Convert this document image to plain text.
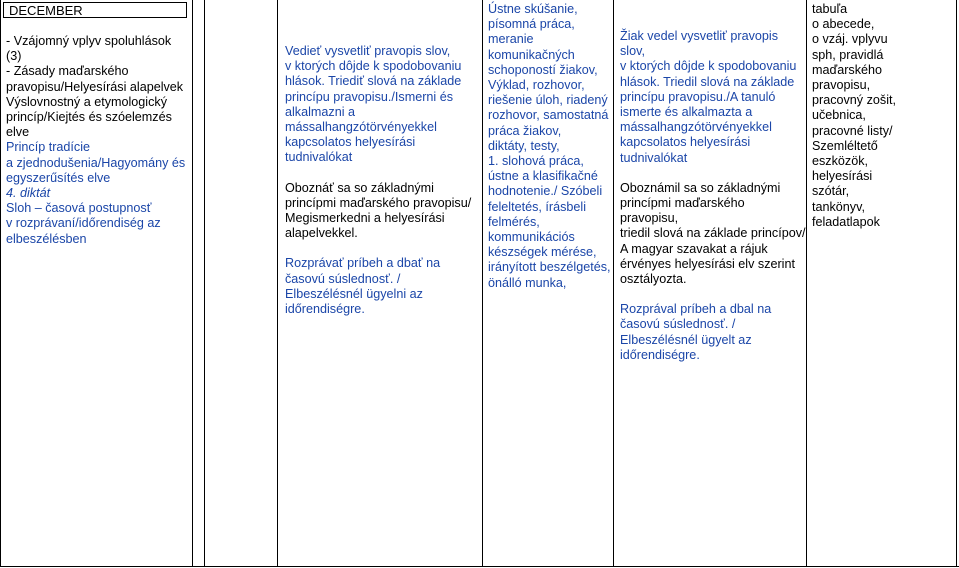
DECEMBER

- Vzájomný vplyv spoluhlások (3)

- Zásady maďarského
pravopisu/Helyesírási alapelvek

Výslovnostný a etymologický
princíp/Kiejtés és szóelemzés
elve

Princíp tradície
a zjednodušenia/Hagyomány és
egyszerűsítés elve

4. diktát

Sloh – časová postupnosť
v rozprávaní/időrendiség az
elbeszélésben

Vedieť vysvetliť pravopis slov,
v ktorých dôjde k spodobovaniu
hlások. Triediť slová na základe
princípu pravopisu./Ismerni és
alkalmazni a
mássalhangzótörvényekkel
kapcsolatos helyesírási
tudnivalókat

Oboznáť sa so základnými
princípmi maďarského pravopisu/
Megismerkedni a helyesírási
alapelvekkel.

Rozprávať príbeh a dbať na
časovú súslednosť. /
Elbeszélésnél ügyelni az
időrendiségre.

Ústne skúšanie,
písomná práca,
meranie
komunikačných
schopoností žiakov,
Výklad, rozhovor,
riešenie úloh, riadený
rozhovor, samostatná
práca žiakov,
diktáty, testy,
1. slohová práca,
ústne a klasifikačné
hodnotenie./ Szóbeli
feleltetés, írásbeli
felmérés,
kommunikációs
készségek mérése,
irányított beszélgetés,
önálló munka,

Žiak vedel vysvetliť pravopis slov,
v ktorých dôjde k spodobovaniu
hlások. Triedil slová na základe
princípu pravopisu./A tanuló
ismerte és alkalmazta a
mássalhangzótörvényekkel
kapcsolatos helyesírási
tudnivalókat

Oboznámil sa so základnými
princípmi maďarského pravopisu,
triedil slová na základe princípov/
A magyar szavakat a rájuk
érvényes helyesírási elv szerint
osztályozta.

Rozprával príbeh a dbal na
časovú súslednosť. /
Elbeszélésnél ügyelt az
időrendiségre.

tabuľa
o abecede,
o vzáj. vplyvu
sph, pravidlá
maďarského
pravopisu,
pracovný zošit,
učebnica,
pracovné listy/
Szemléltető
eszközök,
helyesírási
szótár,
tankönyv,
feladatlapok
